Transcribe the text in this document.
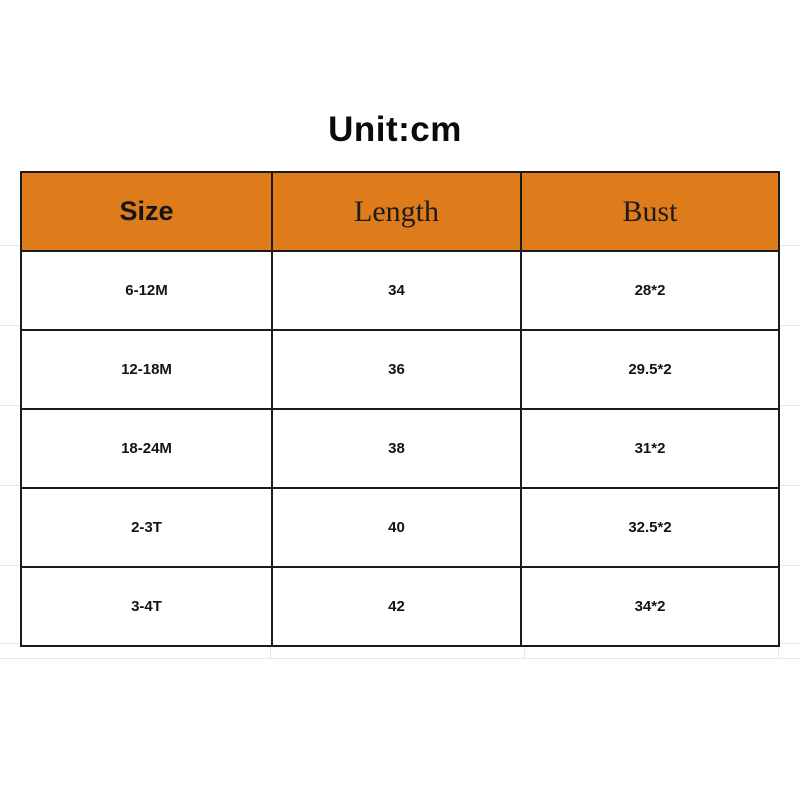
Unit:cm
Size	Length	Bust
6-12M	34	28*2
12-18M	36	29.5*2
18-24M	38	31*2
2-3T	40	32.5*2
3-4T	42	34*2
